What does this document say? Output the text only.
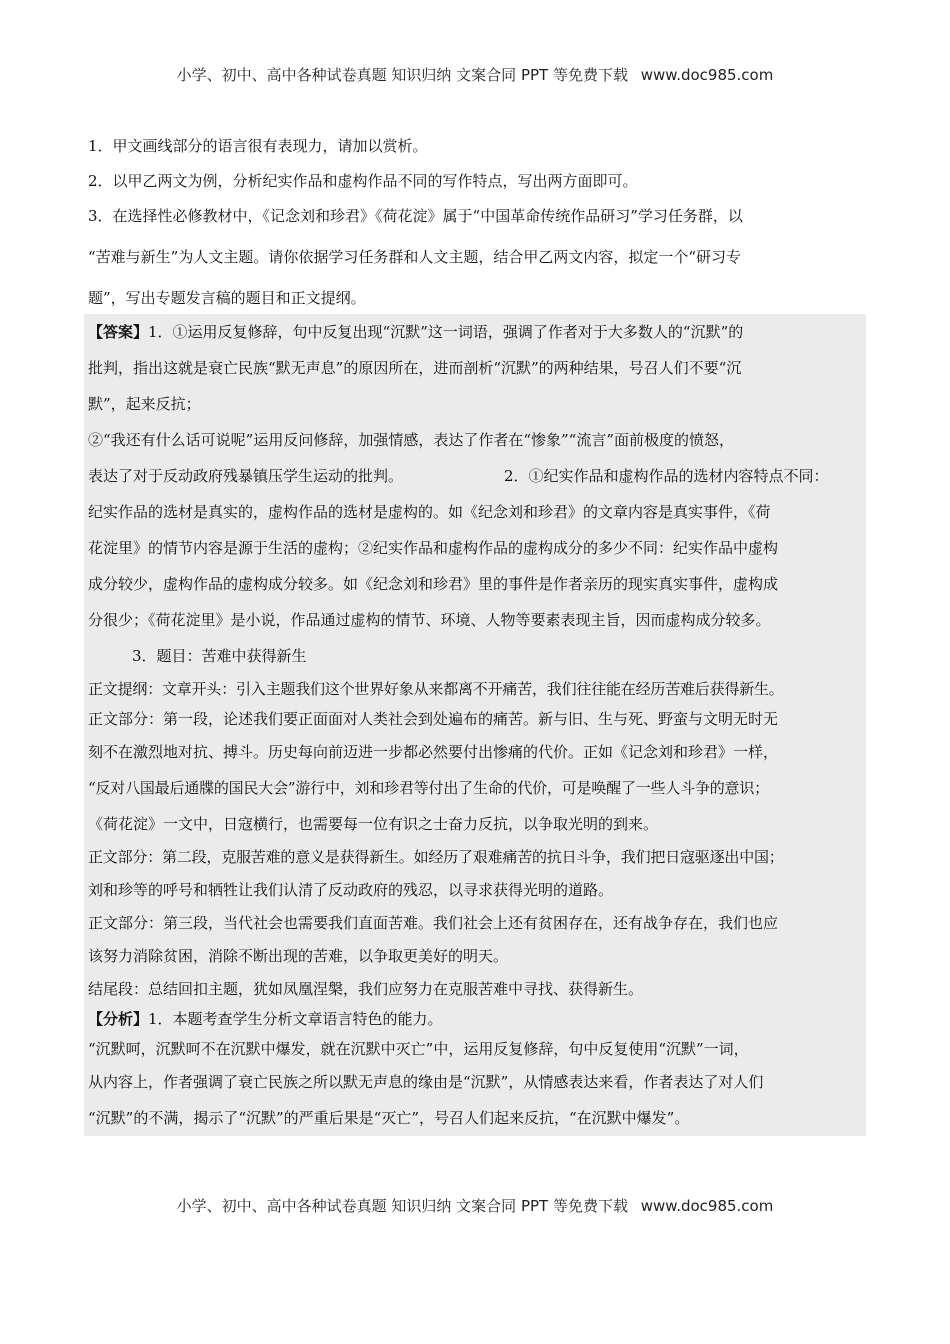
小学、初中、高中各种试卷真题 知识归纳 文案合同 PPT 等免费下载 www.doc985.com
1．甲文画线部分的语言很有表现力，请加以赏析。
2．以甲乙两文为例，分析纪实作品和虚构作品不同的写作特点，写出两方面即可。
3．在选择性必修教材中，《记念刘和珍君》《荷花淀》属于“中国革命传统作品研习”学习任务群，以
“苦难与新生”为人文主题。请你依据学习任务群和人文主题，结合甲乙两文内容，拟定一个“研习专
题”，写出专题发言稿的题目和正文提纲。
【答案】1．①运用反复修辞，句中反复出现“沉默”这一词语，强调了作者对于大多数人的“沉默”的
批判，指出这就是衰亡民族“默无声息”的原因所在，进而剖析“沉默”的两种结果，号召人们不要“沉
默”，起来反抗；
②“我还有什么话可说呢”运用反问修辞，加强情感，表达了作者在“惨象”“流言”面前极度的愤怒，
表达了对于反动政府残暴镇压学生运动的批判。	2．①纪实作品和虚构作品的选材内容特点不同：
纪实作品的选材是真实的，虚构作品的选材是虚构的。如《纪念刘和珍君》的文章内容是真实事件，《荷
花淀里》的情节内容是源于生活的虚构；②纪实作品和虚构作品的虚构成分的多少不同：纪实作品中虚构
成分较少，虚构作品的虚构成分较多。如《纪念刘和珍君》里的事件是作者亲历的现实真实事件，虚构成
分很少；《荷花淀里》是小说，作品通过虚构的情节、环境、人物等要素表现主旨，因而虚构成分较多。
3．题目：苦难中获得新生
正文提纲：文章开头：引入主题我们这个世界好象从来都离不开痛苦，我们往往能在经历苦难后获得新生。
正文部分：第一段，论述我们要正面面对人类社会到处遍布的痛苦。新与旧、生与死、野蛮与文明无时无
刻不在激烈地对抗、搏斗。历史每向前迈进一步都必然要付出惨痛的代价。正如《记念刘和珍君》一样，
“反对八国最后通牒的国民大会”游行中，刘和珍君等付出了生命的代价，可是唤醒了一些人斗争的意识；
《荷花淀》一文中，日寇横行，也需要每一位有识之士奋力反抗，以争取光明的到来。
正文部分：第二段，克服苦难的意义是获得新生。如经历了艰难痛苦的抗日斗争，我们把日寇驱逐出中国；
刘和珍等的呼号和牺牲让我们认清了反动政府的残忍，以寻求获得光明的道路。
正文部分：第三段，当代社会也需要我们直面苦难。我们社会上还有贫困存在，还有战争存在，我们也应
该努力消除贫困，消除不断出现的苦难，以争取更美好的明天。
结尾段：总结回扣主题，犹如凤凰涅槃，我们应努力在克服苦难中寻找、获得新生。
【分析】1．本题考查学生分析文章语言特色的能力。
“沉默呵，沉默呵不在沉默中爆发，就在沉默中灭亡”中，运用反复修辞，句中反复使用“沉默”一词，
从内容上，作者强调了衰亡民族之所以默无声息的缘由是“沉默”，从情感表达来看，作者表达了对人们
“沉默”的不满，揭示了“沉默”的严重后果是“灭亡”，号召人们起来反抗，“在沉默中爆发”。
小学、初中、高中各种试卷真题 知识归纳 文案合同 PPT 等免费下载 www.doc985.com
